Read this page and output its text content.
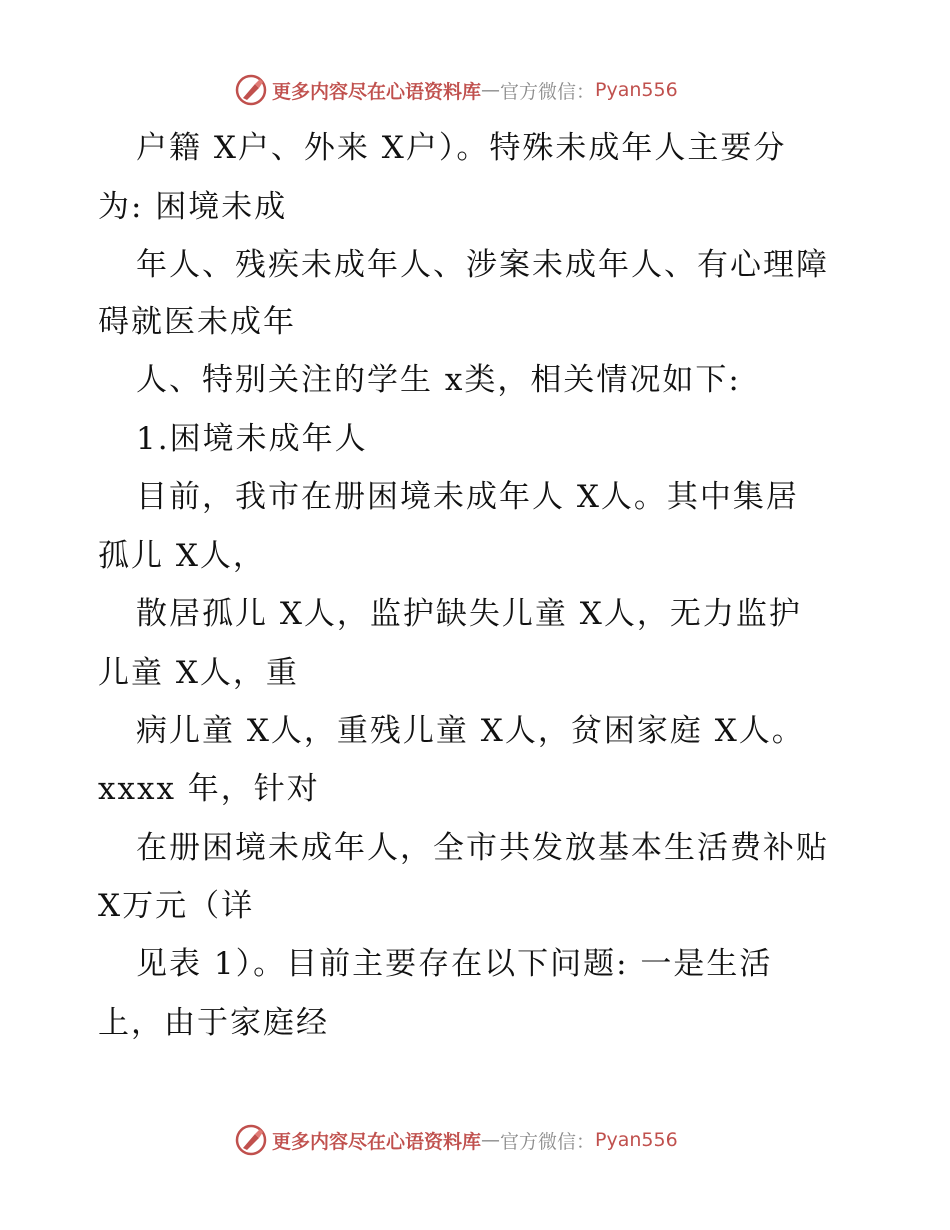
更多内容尽在心语资料库 — 官方微信： Pyan556
户籍 X户、外来 X户）。特殊未成年人主要分
为: 困境未成
年人、残疾未成年人、涉案未成年人、有心理障
碍就医未成年
人、特别关注的学生 x类，相关情况如下:
1.困境未成年人
目前，我市在册困境未成年人 X人。其中集居
孤儿 X人，
散居孤儿 X人，监护缺失儿童 X人，无力监护
儿童 X人，重
病儿童 X人，重残儿童 X人，贫困家庭 X人。
xxxx 年，针对
在册困境未成年人，全市共发放基本生活费补贴
X万元（详
见表 1）。目前主要存在以下问题: 一是生活
上，由于家庭经
更多内容尽在心语资料库 — 官方微信： Pyan556
